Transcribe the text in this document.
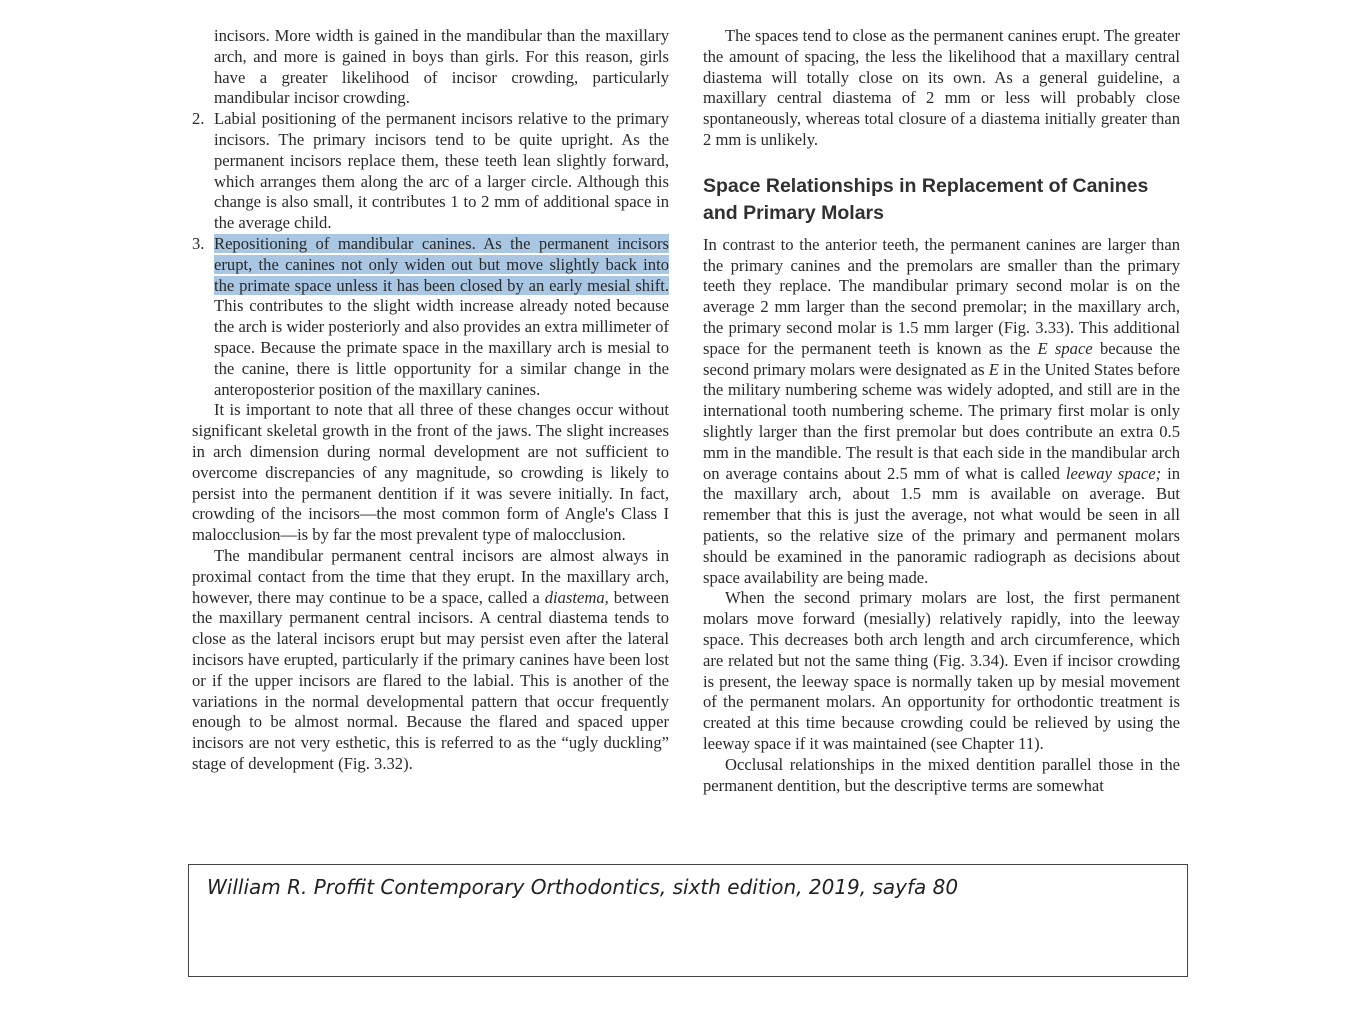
incisors. More width is gained in the mandibular than the maxillary arch, and more is gained in boys than girls. For this reason, girls have a greater likelihood of incisor crowding, particularly mandibular incisor crowding.

2. Labial positioning of the permanent incisors relative to the primary incisors. The primary incisors tend to be quite upright. As the permanent incisors replace them, these teeth lean slightly forward, which arranges them along the arc of a larger circle. Although this change is also small, it contributes 1 to 2 mm of additional space in the average child.

3. Repositioning of mandibular canines. As the permanent incisors erupt, the canines not only widen out but move slightly back into the primate space unless it has been closed by an early mesial shift. This contributes to the slight width increase already noted because the arch is wider posteriorly and also provides an extra millimeter of space. Because the primate space in the maxillary arch is mesial to the canine, there is little opportunity for a similar change in the anteroposterior position of the maxillary canines.

It is important to note that all three of these changes occur without significant skeletal growth in the front of the jaws. The slight increases in arch dimension during normal development are not sufficient to overcome discrepancies of any magnitude, so crowding is likely to persist into the permanent dentition if it was severe initially. In fact, crowding of the incisors—the most common form of Angle's Class I malocclusion—is by far the most prevalent type of malocclusion.

The mandibular permanent central incisors are almost always in proximal contact from the time that they erupt. In the maxillary arch, however, there may continue to be a space, called a diastema, between the maxillary permanent central incisors. A central diastema tends to close as the lateral incisors erupt but may persist even after the lateral incisors have erupted, particularly if the primary canines have been lost or if the upper incisors are flared to the labial. This is another of the variations in the normal developmental pattern that occur frequently enough to be almost normal. Because the flared and spaced upper incisors are not very esthetic, this is referred to as the “ugly duckling” stage of development (Fig. 3.32).

The spaces tend to close as the permanent canines erupt. The greater the amount of spacing, the less the likelihood that a maxillary central diastema will totally close on its own. As a general guideline, a maxillary central diastema of 2 mm or less will probably close spontaneously, whereas total closure of a diastema initially greater than 2 mm is unlikely.

Space Relationships in Replacement of Canines and Primary Molars

In contrast to the anterior teeth, the permanent canines are larger than the primary canines and the premolars are smaller than the primary teeth they replace. The mandibular primary second molar is on the average 2 mm larger than the second premolar; in the maxillary arch, the primary second molar is 1.5 mm larger (Fig. 3.33). This additional space for the permanent teeth is known as the E space because the second primary molars were designated as E in the United States before the military numbering scheme was widely adopted, and still are in the international tooth numbering scheme. The primary first molar is only slightly larger than the first premolar but does contribute an extra 0.5 mm in the mandible. The result is that each side in the mandibular arch on average contains about 2.5 mm of what is called leeway space; in the maxillary arch, about 1.5 mm is available on average. But remember that this is just the average, not what would be seen in all patients, so the relative size of the primary and permanent molars should be examined in the panoramic radiograph as decisions about space availability are being made.

When the second primary molars are lost, the first permanent molars move forward (mesially) relatively rapidly, into the leeway space. This decreases both arch length and arch circumference, which are related but not the same thing (Fig. 3.34). Even if incisor crowding is present, the leeway space is normally taken up by mesial movement of the permanent molars. An opportunity for orthodontic treatment is created at this time because crowding could be relieved by using the leeway space if it was maintained (see Chapter 11).

Occlusal relationships in the mixed dentition parallel those in the permanent dentition, but the descriptive terms are somewhat

William R. Proffit Contemporary Orthodontics, sixth edition, 2019, sayfa 80
